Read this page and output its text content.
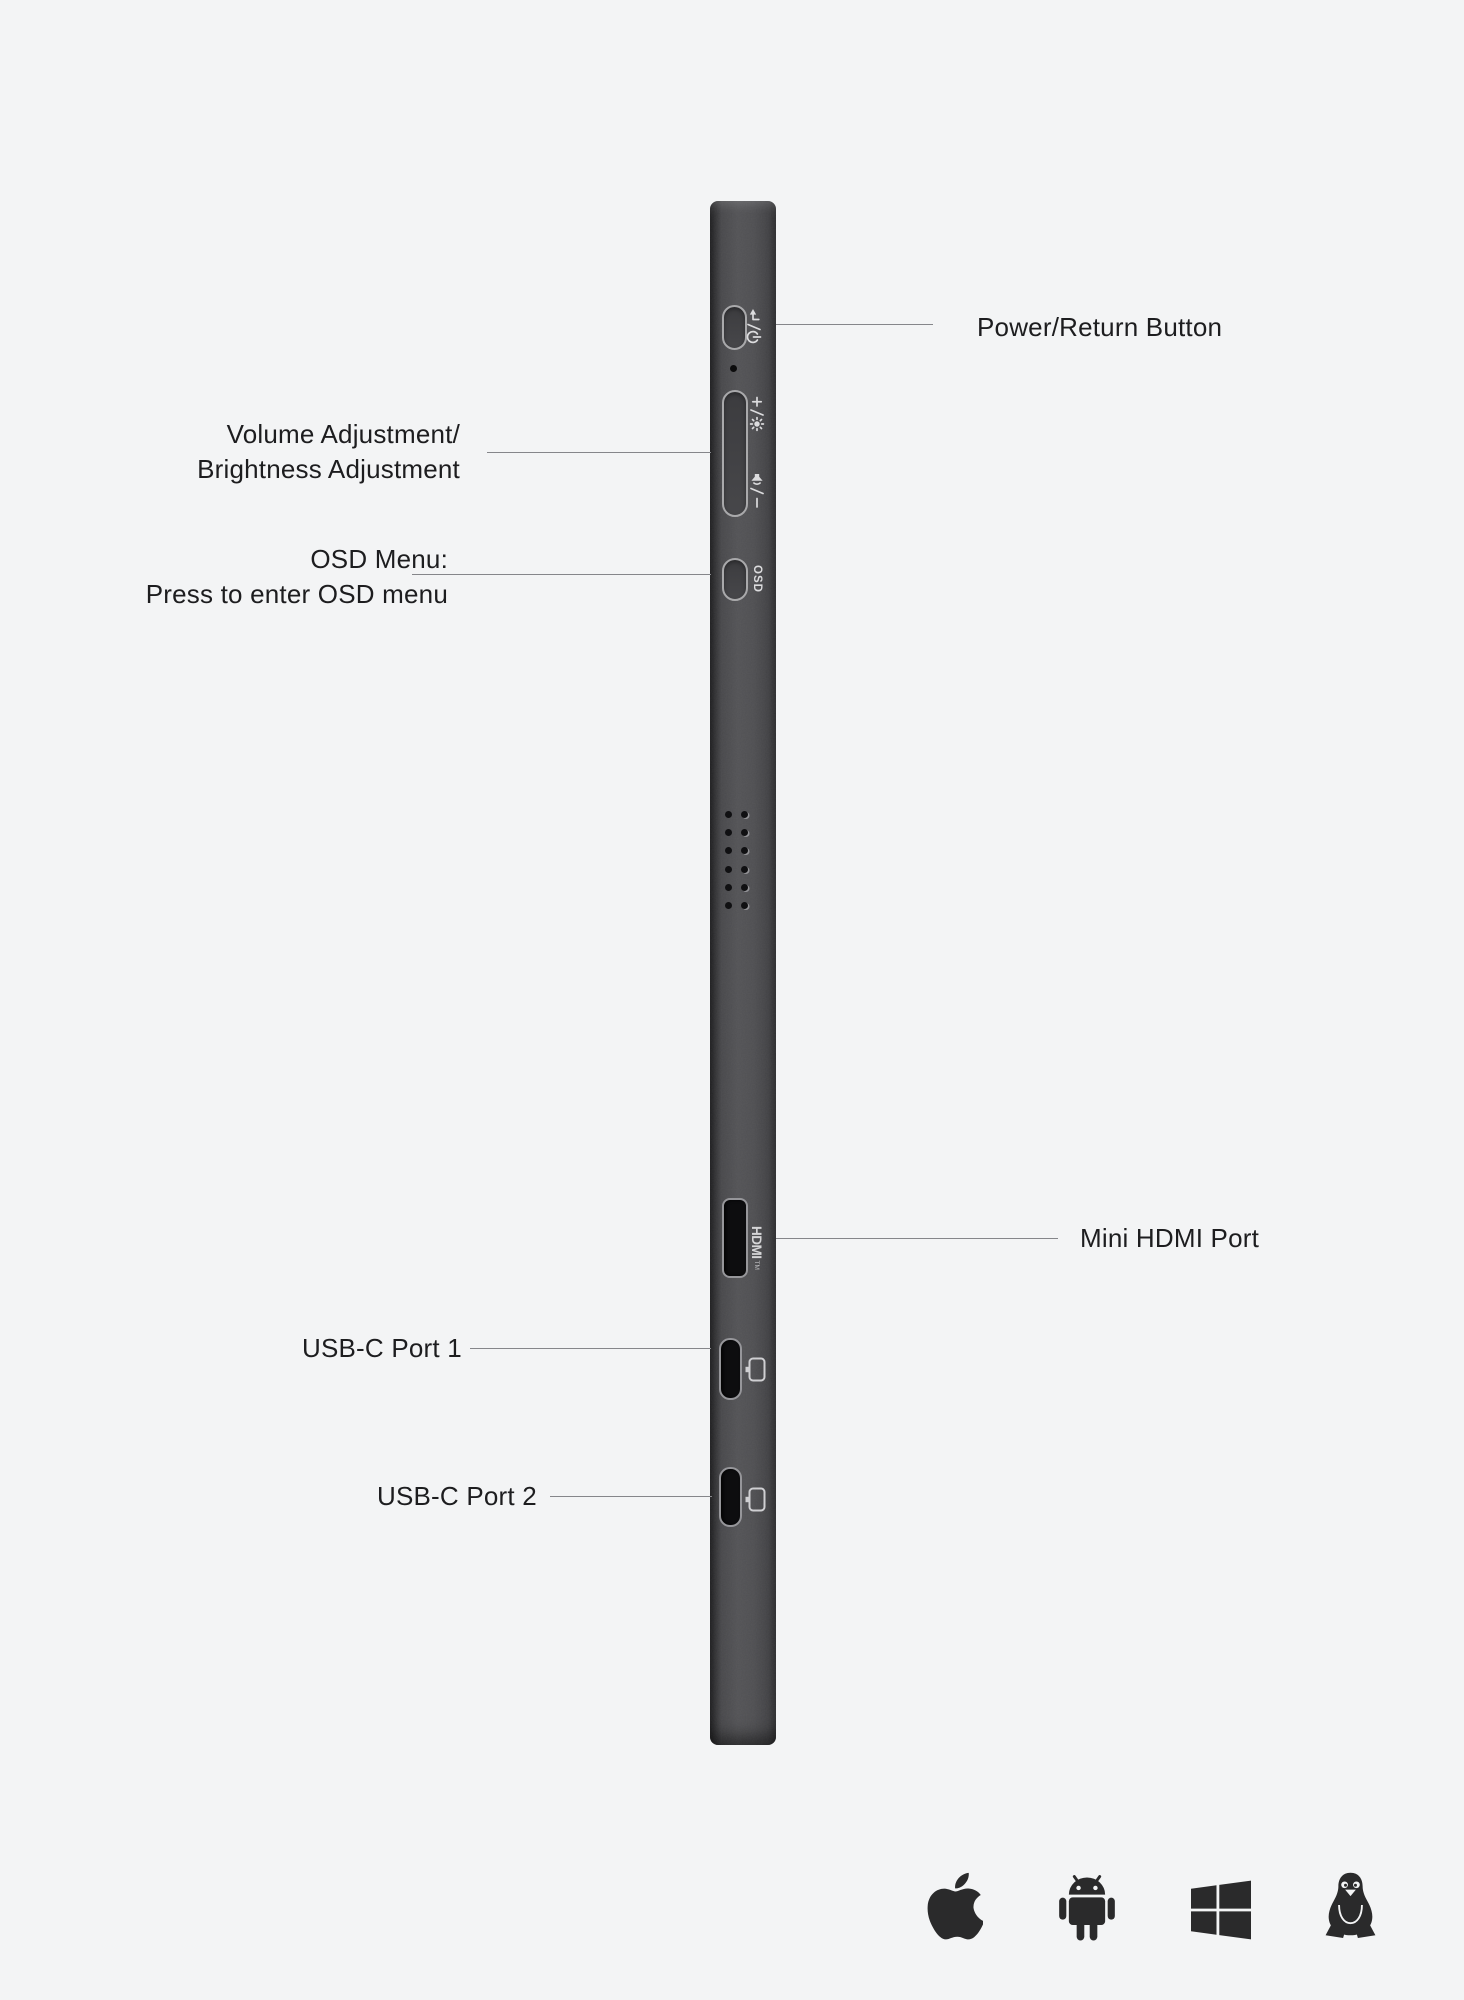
OSD
HDMI
TM
Power/Return Button
Volume Adjustment/
Brightness Adjustment
OSD Menu:
Press to enter OSD menu
Mini HDMI Port
USB-C Port 1
USB-C Port 2
